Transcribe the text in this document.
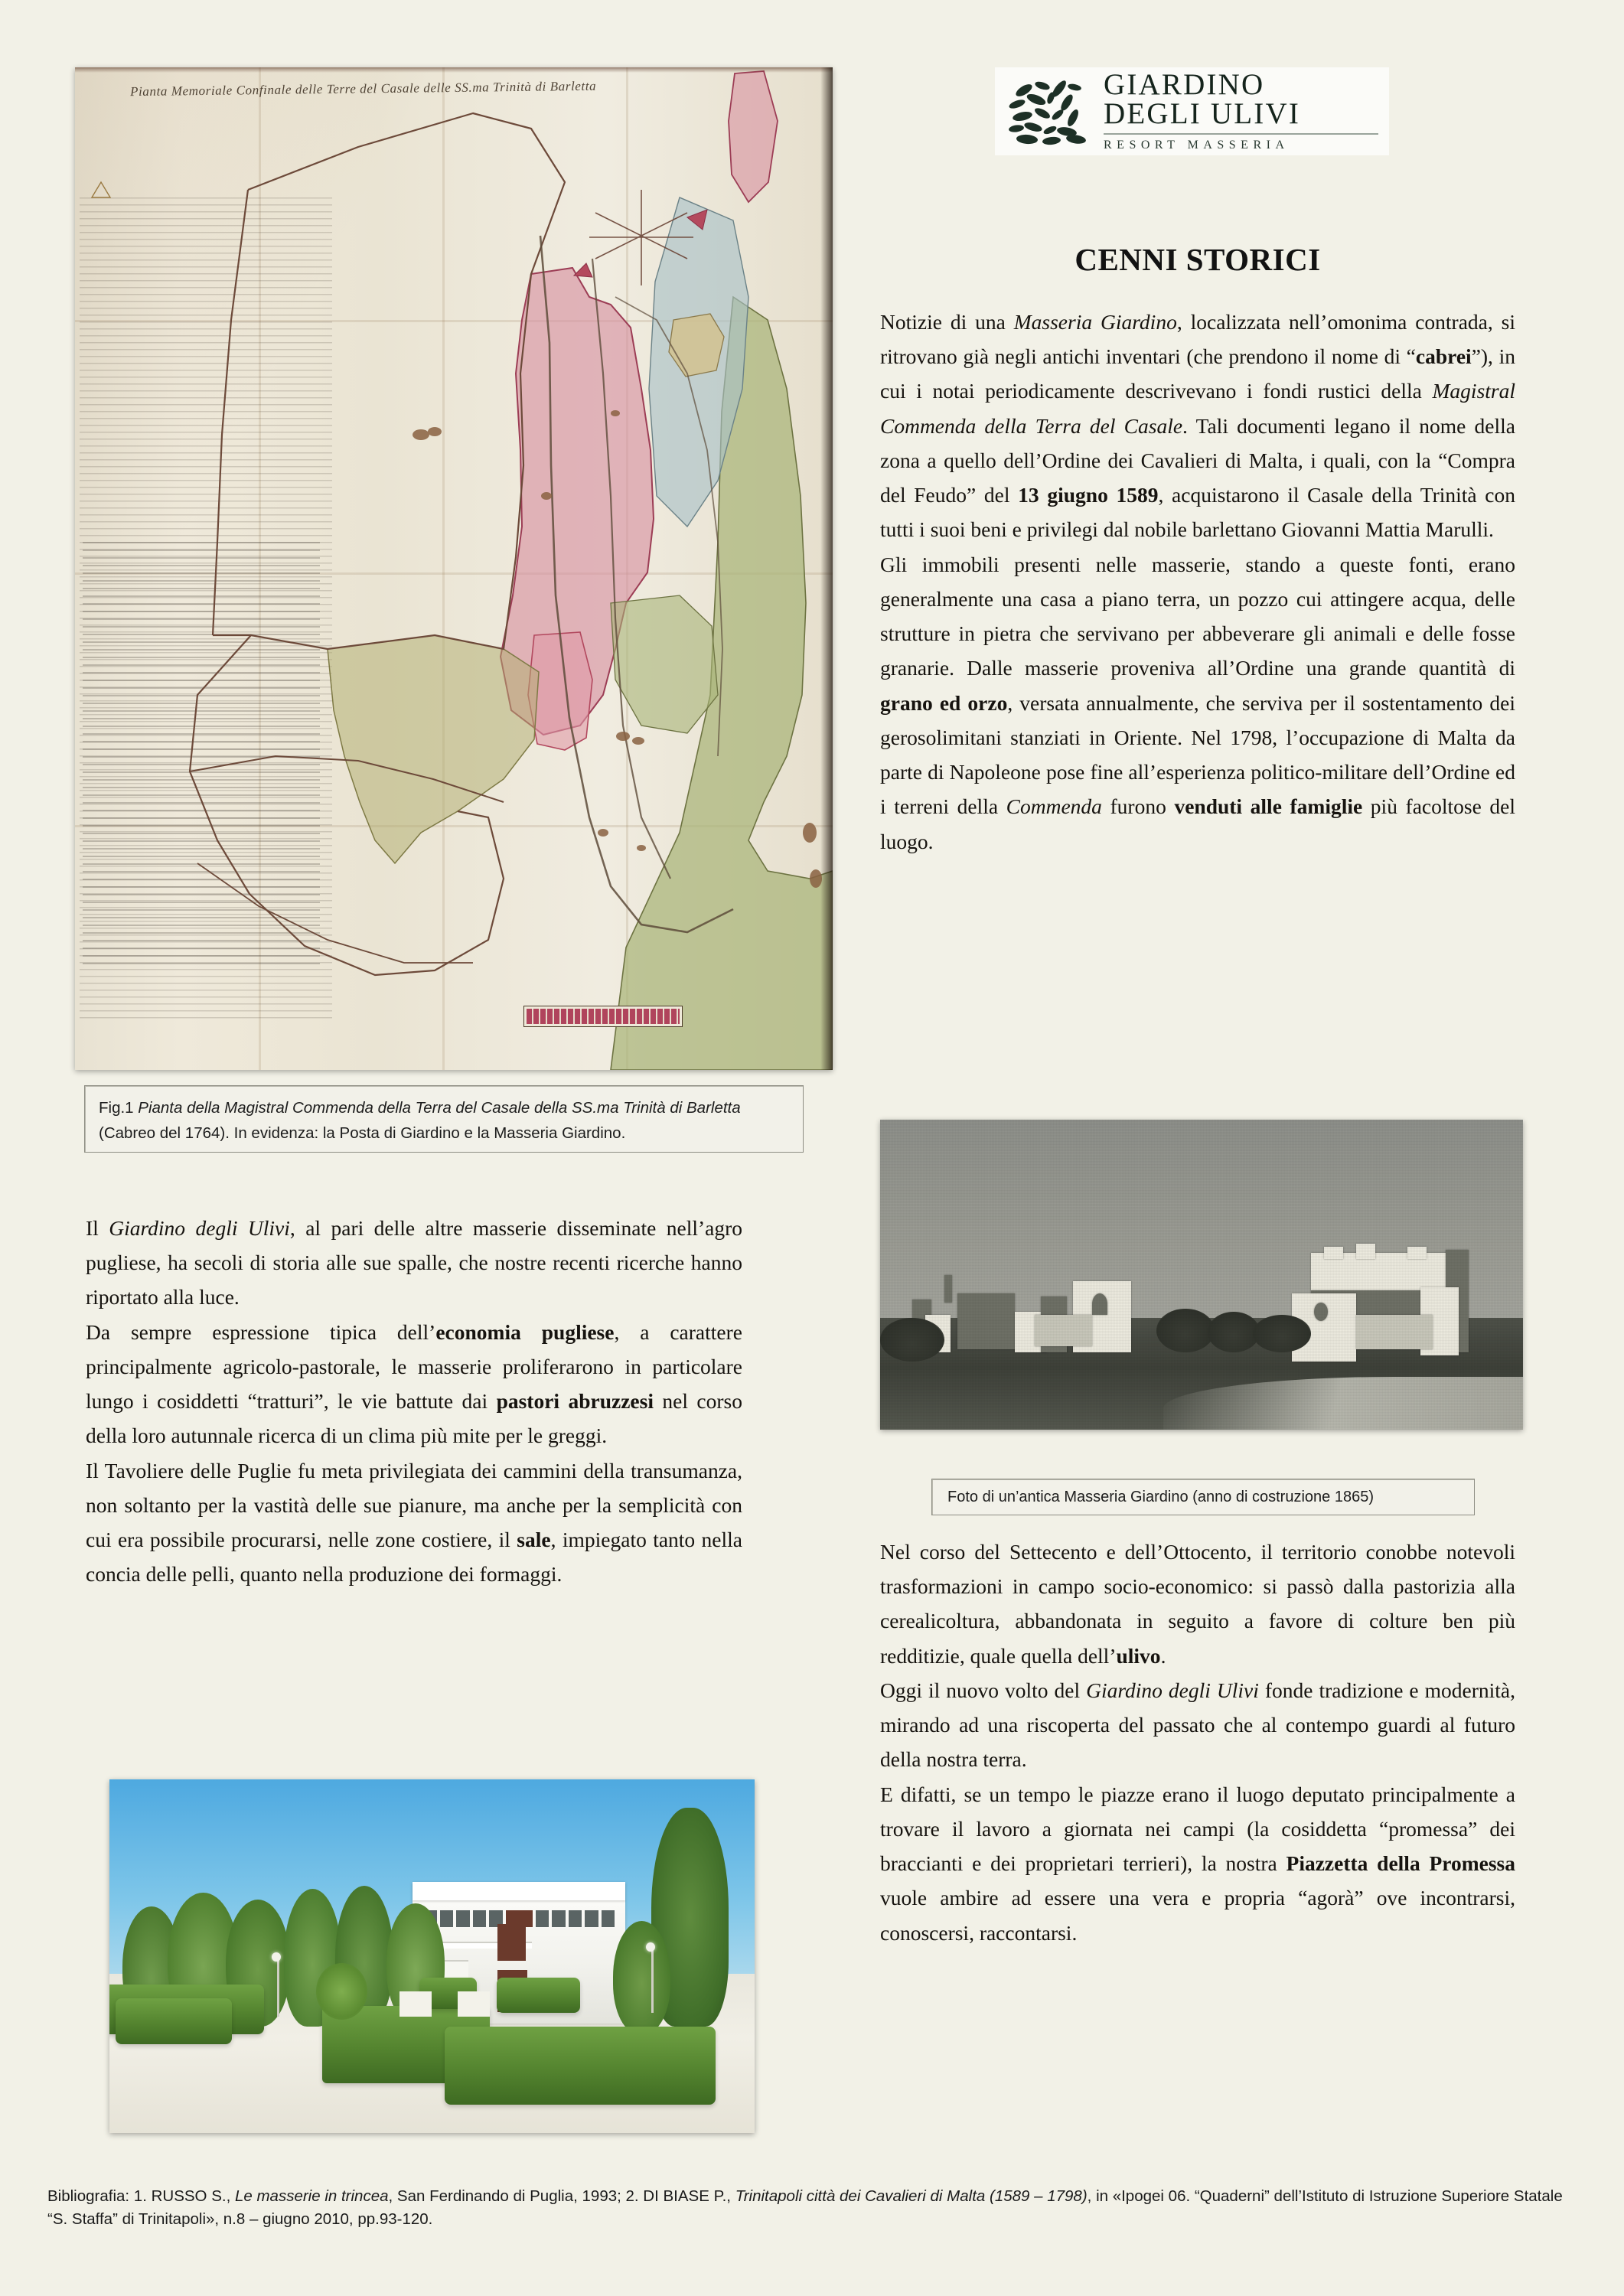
Pianta Memoriale Confinale delle Terre del Casale delle SS.ma Trinità di Barletta
Fig.1 Pianta della Magistral Commenda della Terra del Casale della SS.ma Trinità di Barletta (Cabreo del 1764). In evidenza: la Posta di Giardino e la Masseria Giardino.
GIARDINO
DEGLI ULIVI
RESORT MASSERIA
CENNI STORICI

Notizie di una Masseria Giardino, localizzata nell’omonima contrada, si ritrovano già negli antichi inventari (che prendono il nome di “cabrei”), in cui i notai periodicamente descrivevano i fondi rustici della Magistral Commenda della Terra del Casale. Tali documenti legano il nome della zona a quello dell’Ordine dei Cavalieri di Malta, i quali, con la “Compra del Feudo” del 13 giugno 1589, acquistarono il Casale della Trinità con tutti i suoi beni e privilegi dal nobile barlettano Giovanni Mattia Marulli.

Gli immobili presenti nelle masserie, stando a queste fonti, erano generalmente una casa a piano terra, un pozzo cui attingere acqua, delle strutture in pietra che servivano per abbeverare gli animali e delle fosse granarie. Dalle masserie proveniva all’Ordine una grande quantità di grano ed orzo, versata annualmente, che serviva per il sostentamento dei gerosolimitani stanziati in Oriente. Nel 1798, l’occupazione di Malta da parte di Napoleone pose fine all’esperienza politico-militare dell’Ordine ed i terreni della Commenda furono venduti alle famiglie più facoltose del luogo.

Foto di un’antica Masseria Giardino (anno di costruzione 1865)

Nel corso del Settecento e dell’Ottocento, il territorio conobbe notevoli trasformazioni in campo socio-economico: si passò dalla pastorizia alla cerealicoltura, abbandonata in seguito a favore di colture ben più redditizie, quale quella dell’ulivo.

Oggi il nuovo volto del Giardino degli Ulivi fonde tradizione e modernità, mirando ad una riscoperta del passato che al contempo guardi al futuro della nostra terra.

E difatti, se un tempo le piazze erano il luogo deputato principalmente a trovare il lavoro a giornata nei campi (la cosiddetta “promessa” dei braccianti e dei proprietari terrieri), la nostra Piazzetta della Promessa vuole ambire ad essere una vera e propria “agorà” ove incontrarsi, conoscersi, raccontarsi.

Il Giardino degli Ulivi, al pari delle altre masserie disseminate nell’agro pugliese, ha secoli di storia alle sue spalle, che nostre recenti ricerche hanno riportato alla luce.

Da sempre espressione tipica dell’economia pugliese, a carattere principalmente agricolo-pastorale, le masserie proliferarono in particolare lungo i cosiddetti “tratturi”, le vie battute dai pastori abruzzesi nel corso della loro autunnale ricerca di un clima più mite per le greggi.

Il Tavoliere delle Puglie fu meta privilegiata dei cammini della transumanza, non soltanto per la vastità delle sue pianure, ma anche per la semplicità con cui era possibile procurarsi, nelle zone costiere, il sale, impiegato tanto nella concia delle pelli, quanto nella produzione dei formaggi.

Bibliografia: 1. RUSSO S., Le masserie in trincea, San Ferdinando di Puglia, 1993; 2. DI BIASE P., Trinitapoli città dei Cavalieri di Malta (1589 – 1798), in «Ipogei 06. “Quaderni” dell’Istituto di Istruzione Superiore Statale “S. Staffa” di Trinitapoli», n.8 – giugno 2010, pp.93-120.
